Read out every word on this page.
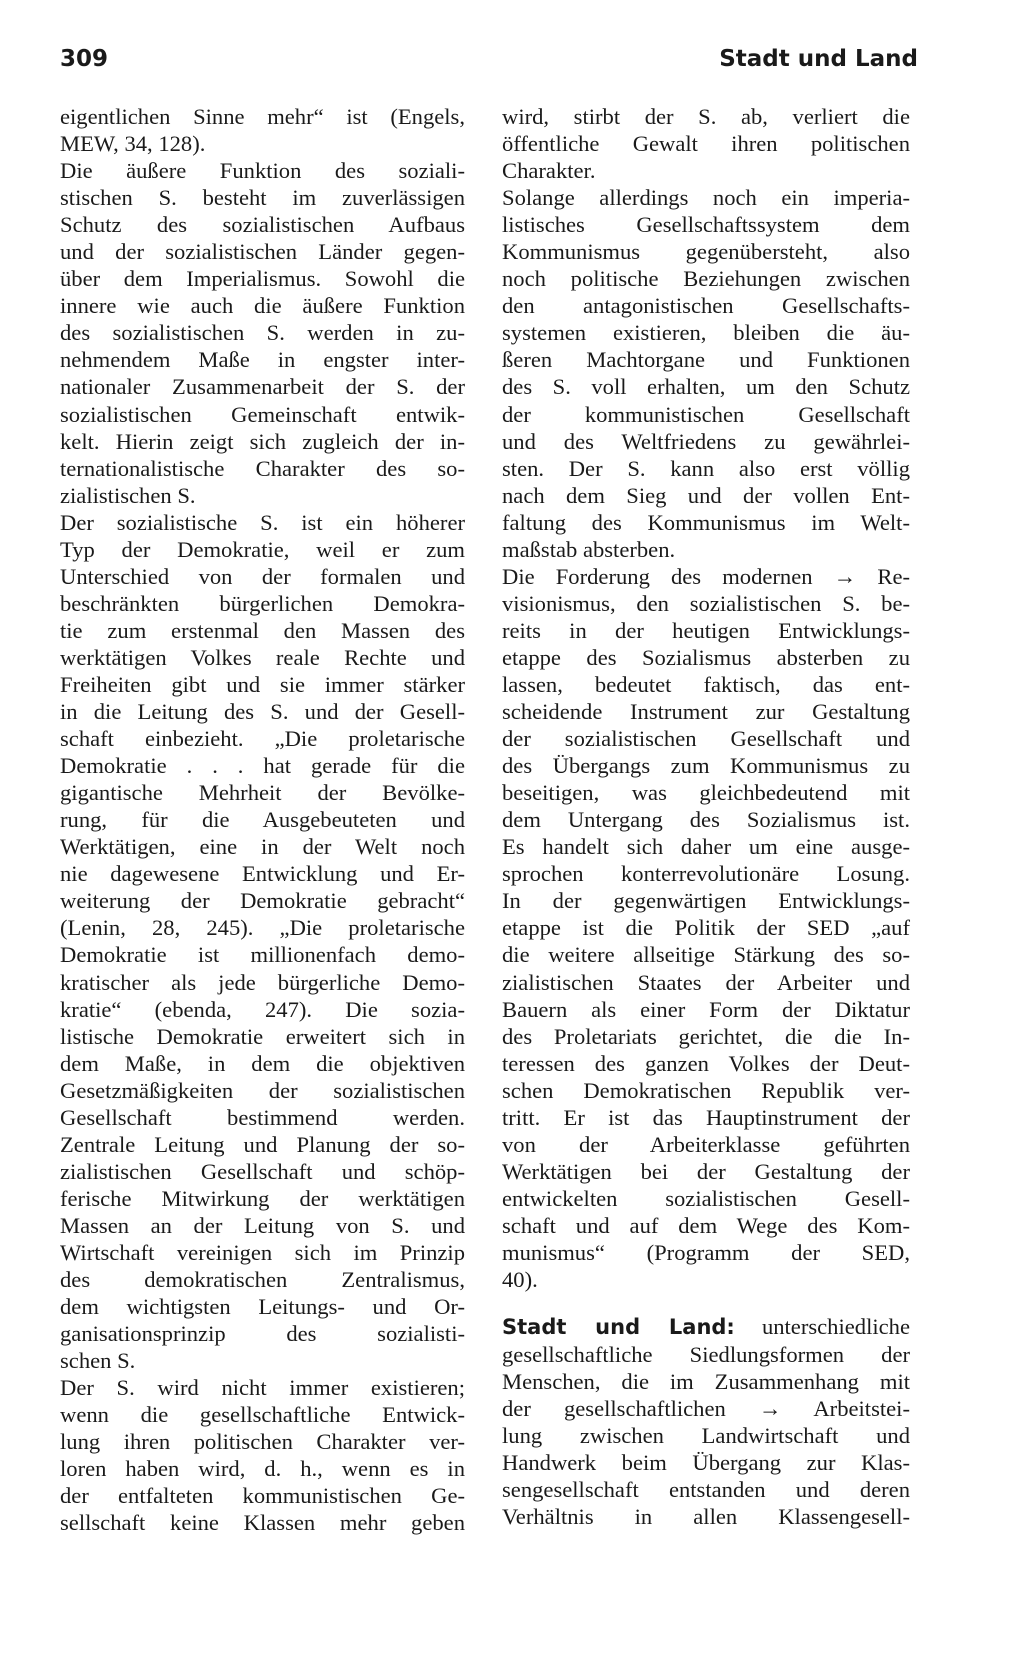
309	Stadt und Land
eigentlichen Sinne mehr“ ist (Engels,
MEW, 34, 128).
Die äußere Funktion des soziali-
stischen S. besteht im zuverlässigen
Schutz des sozialistischen Aufbaus
und der sozialistischen Länder gegen-
über dem Imperialismus. Sowohl die
innere wie auch die äußere Funktion
des sozialistischen S. werden in zu-
nehmendem Maße in engster inter-
nationaler Zusammenarbeit der S. der
sozialistischen Gemeinschaft entwik-
kelt. Hierin zeigt sich zugleich der in-
ternationalistische Charakter des so-
zialistischen S.
Der sozialistische S. ist ein höherer
Typ der Demokratie, weil er zum
Unterschied von der formalen und
beschränkten bürgerlichen Demokra-
tie zum erstenmal den Massen des
werktätigen Volkes reale Rechte und
Freiheiten gibt und sie immer stärker
in die Leitung des S. und der Gesell-
schaft einbezieht. „Die proletarische
Demokratie . . . hat gerade für die
gigantische Mehrheit der Bevölke-
rung, für die Ausgebeuteten und
Werktätigen, eine in der Welt noch
nie dagewesene Entwicklung und Er-
weiterung der Demokratie gebracht“
(Lenin, 28, 245). „Die proletarische
Demokratie ist millionenfach demo-
kratischer als jede bürgerliche Demo-
kratie“ (ebenda, 247). Die sozia-
listische Demokratie erweitert sich in
dem Maße, in dem die objektiven
Gesetzmäßigkeiten der sozialistischen
Gesellschaft bestimmend werden.
Zentrale Leitung und Planung der so-
zialistischen Gesellschaft und schöp-
ferische Mitwirkung der werktätigen
Massen an der Leitung von S. und
Wirtschaft vereinigen sich im Prinzip
des demokratischen Zentralismus,
dem wichtigsten Leitungs- und Or-
ganisationsprinzip des sozialisti-
schen S.
Der S. wird nicht immer existieren;
wenn die gesellschaftliche Entwick-
lung ihren politischen Charakter ver-
loren haben wird, d. h., wenn es in
der entfalteten kommunistischen Ge-
sellschaft keine Klassen mehr geben
wird, stirbt der S. ab, verliert die
öffentliche Gewalt ihren politischen
Charakter.
Solange allerdings noch ein imperia-
listisches Gesellschaftssystem dem
Kommunismus gegenübersteht, also
noch politische Beziehungen zwischen
den antagonistischen Gesellschafts-
systemen existieren, bleiben die äu-
ßeren Machtorgane und Funktionen
des S. voll erhalten, um den Schutz
der kommunistischen Gesellschaft
und des Weltfriedens zu gewährlei-
sten. Der S. kann also erst völlig
nach dem Sieg und der vollen Ent-
faltung des Kommunismus im Welt-
maßstab absterben.
Die Forderung des modernen → Re-
visionismus, den sozialistischen S. be-
reits in der heutigen Entwicklungs-
etappe des Sozialismus absterben zu
lassen, bedeutet faktisch, das ent-
scheidende Instrument zur Gestaltung
der sozialistischen Gesellschaft und
des Übergangs zum Kommunismus zu
beseitigen, was gleichbedeutend mit
dem Untergang des Sozialismus ist.
Es handelt sich daher um eine ausge-
sprochen konterrevolutionäre Losung.
In der gegenwärtigen Entwicklungs-
etappe ist die Politik der SED „auf
die weitere allseitige Stärkung des so-
zialistischen Staates der Arbeiter und
Bauern als einer Form der Diktatur
des Proletariats gerichtet, die die In-
teressen des ganzen Volkes der Deut-
schen Demokratischen Republik ver-
tritt. Er ist das Hauptinstrument der
von der Arbeiterklasse geführten
Werktätigen bei der Gestaltung der
entwickelten sozialistischen Gesell-
schaft und auf dem Wege des Kom-
munismus“ (Programm der SED,
40).
Stadt und Land: unterschiedliche
gesellschaftliche Siedlungsformen der
Menschen, die im Zusammenhang mit
der gesellschaftlichen → Arbeitstei-
lung zwischen Landwirtschaft und
Handwerk beim Übergang zur Klas-
sengesellschaft entstanden und deren
Verhältnis in allen Klassengesell-
